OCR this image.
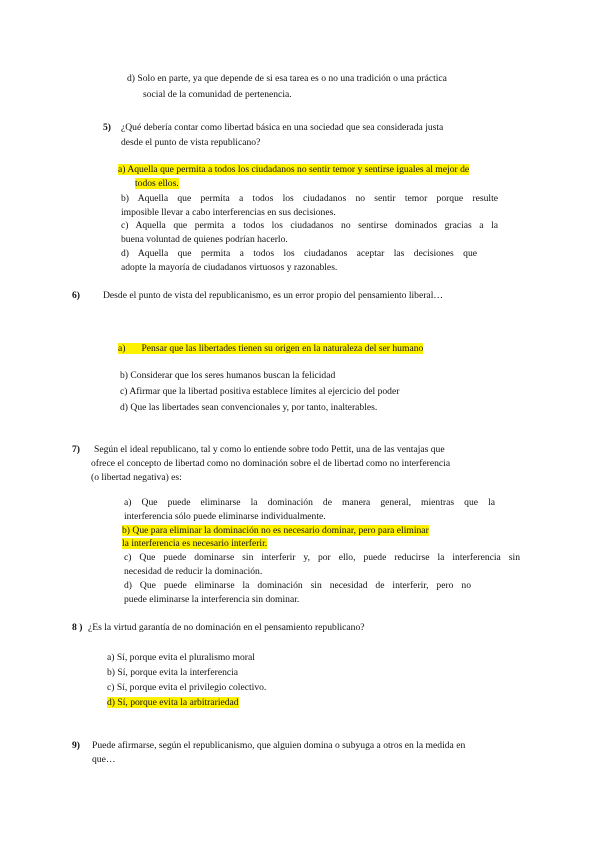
d) Solo en parte, ya que depende de si esa tarea es o no una tradición o una práctica
social de la comunidad de pertenencia.
5) ¿Qué debería contar como libertad básica en una sociedad que sea considerada justa
desde el punto de vista republicano?
a) Aquella que permita a todos los ciudadanos no sentir temor y sentirse iguales al mejor de
todos ellos.
b) Aquella que permita a todos los ciudadanos no sentir temor porque resulte
imposible llevar a cabo interferencias en sus decisiones.
c) Aquella que permita a todos los ciudadanos no sentirse dominados gracias a la
buena voluntad de quienes podrían hacerlo.
d) Aquella que permita a todos los ciudadanos aceptar las decisiones que
adopte la mayoría de ciudadanos virtuosos y razonables.
6) Desde el punto de vista del republicanismo, es un error propio del pensamiento liberal…
a) Pensar que las libertades tienen su origen en la naturaleza del ser humano
b) Considerar que los seres humanos buscan la felicidad
c) Afirmar que la libertad positiva establece límites al ejercicio del poder
d) Que las libertades sean convencionales y, por tanto, inalterables.
7) Según el ideal republicano, tal y como lo entiende sobre todo Pettit, una de las ventajas que
ofrece el concepto de libertad como no dominación sobre el de libertad como no interferencia
(o libertad negativa) es:
a) Que puede eliminarse la dominación de manera general, mientras que la
interferencia sólo puede eliminarse individualmente.
b) Que para eliminar la dominación no es necesario dominar, pero para eliminar
la interferencia es necesario interferir.
c) Que puede dominarse sin interferir y, por ello, puede reducirse la interferencia sin
necesidad de reducir la dominación.
d) Que puede eliminarse la dominación sin necesidad de interferir, pero no
puede eliminarse la interferencia sin dominar.
8 ) ¿Es la virtud garantía de no dominación en el pensamiento republicano?
a) Sí, porque evita el pluralismo moral
b) Sí, porque evita la interferencia
c) Sí, porque evita el privilegio colectivo.
d) Sí, porque evita la arbitrariedad
9) Puede afirmarse, según el republicanismo, que alguien domina o subyuga a otros en la medida en
que…
